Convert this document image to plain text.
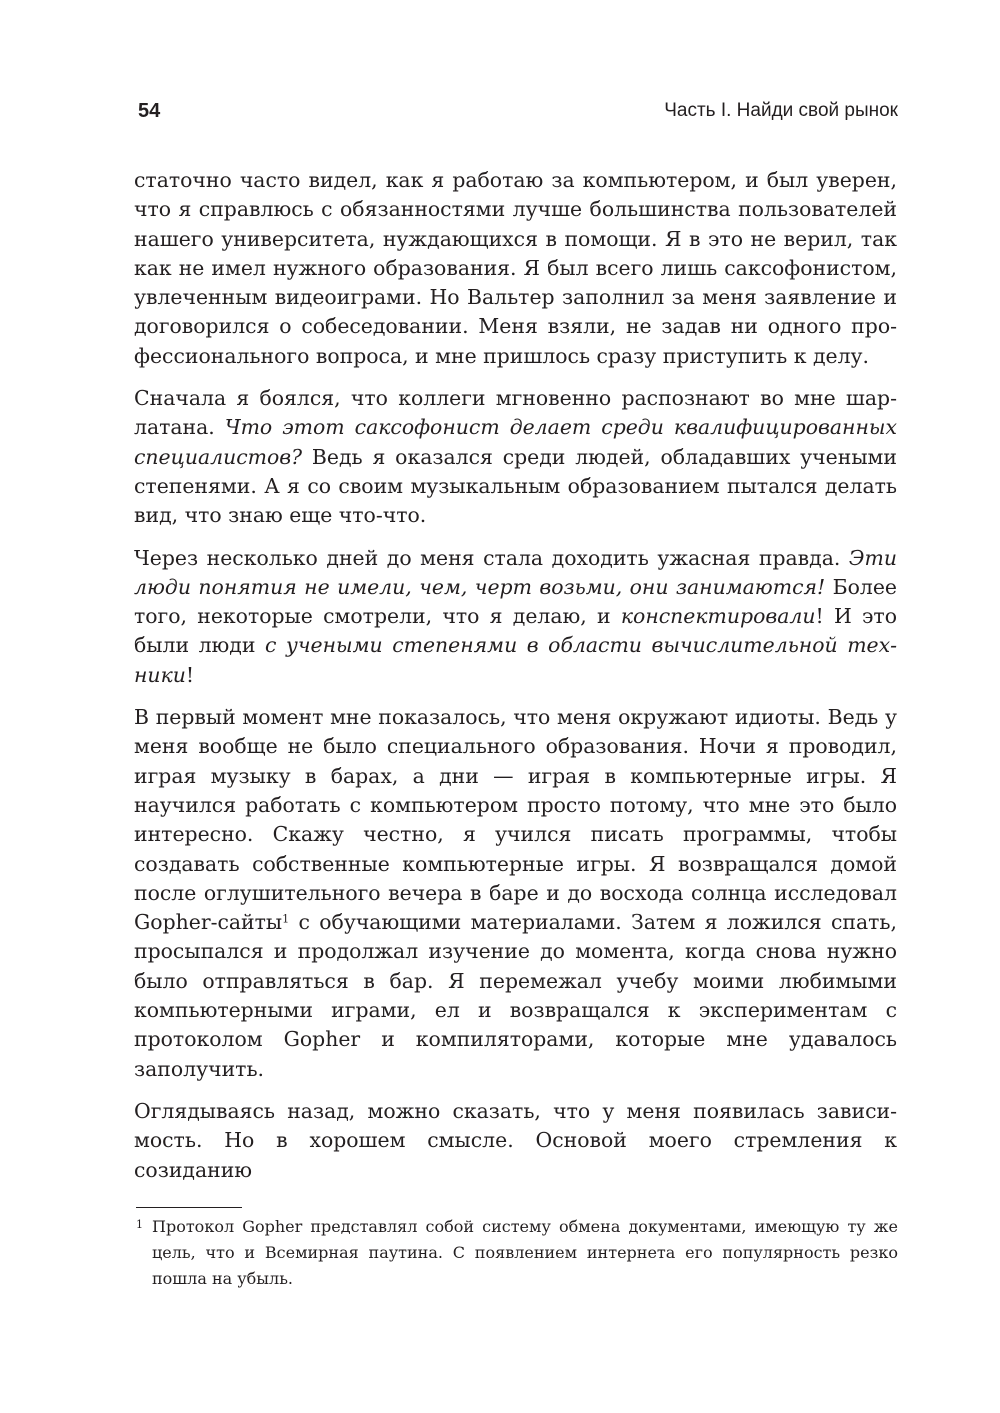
54	Часть I. Найди свой рынок

статочно часто видел, как я работаю за компьютером, и был уверен, что я справлюсь с обязанностями лучше большинства пользователей нашего университета, нуждающихся в помощи. Я в это не верил, так как не имел нужного образования. Я был всего лишь саксофонистом, увлеченным видеоиграми. Но Вальтер заполнил за меня заявление и договорился о собеседовании. Меня взяли, не задав ни одного профессионального вопроса, и мне пришлось сразу приступить к делу.

Сначала я боялся, что коллеги мгновенно распознают во мне шарлатана. Что этот саксофонист делает среди квалифицированных специалистов? Ведь я оказался среди людей, обладавших учеными степенями. А я со своим музыкальным образованием пытался делать вид, что знаю еще что-что.

Через несколько дней до меня стала доходить ужасная правда. Эти люди понятия не имели, чем, черт возьми, они занимаются! Более того, некоторые смотрели, что я делаю, и конспектировали! И это были люди с учеными степенями в области вычислительной техники!

В первый момент мне показалось, что меня окружают идиоты. Ведь у меня вообще не было специального образования. Ночи я проводил, играя музыку в барах, а дни — играя в компьютерные игры. Я научился работать с компьютером просто потому, что мне это было интересно. Скажу честно, я учился писать программы, чтобы создавать собственные компьютерные игры. Я возвращался домой после оглушительного вечера в баре и до восхода солнца исследовал Gopher-сайты$^1$ с обучающими материалами. Затем я ложился спать, просыпался и продолжал изучение до момента, когда снова нужно было отправляться в бар. Я перемежал учебу моими любимыми компьютерными играми, ел и возвращался к экспериментам с протоколом Gopher и компиляторами, которые мне удавалось заполучить.

Оглядываясь назад, можно сказать, что у меня появилась зависимость. Но в хорошем смысле. Основой моего стремления к созиданию

1 Протокол Gopher представлял собой систему обмена документами, имеющую ту же цель, что и Всемирная паутина. С появлением интернета его популярность резко пошла на убыль.
